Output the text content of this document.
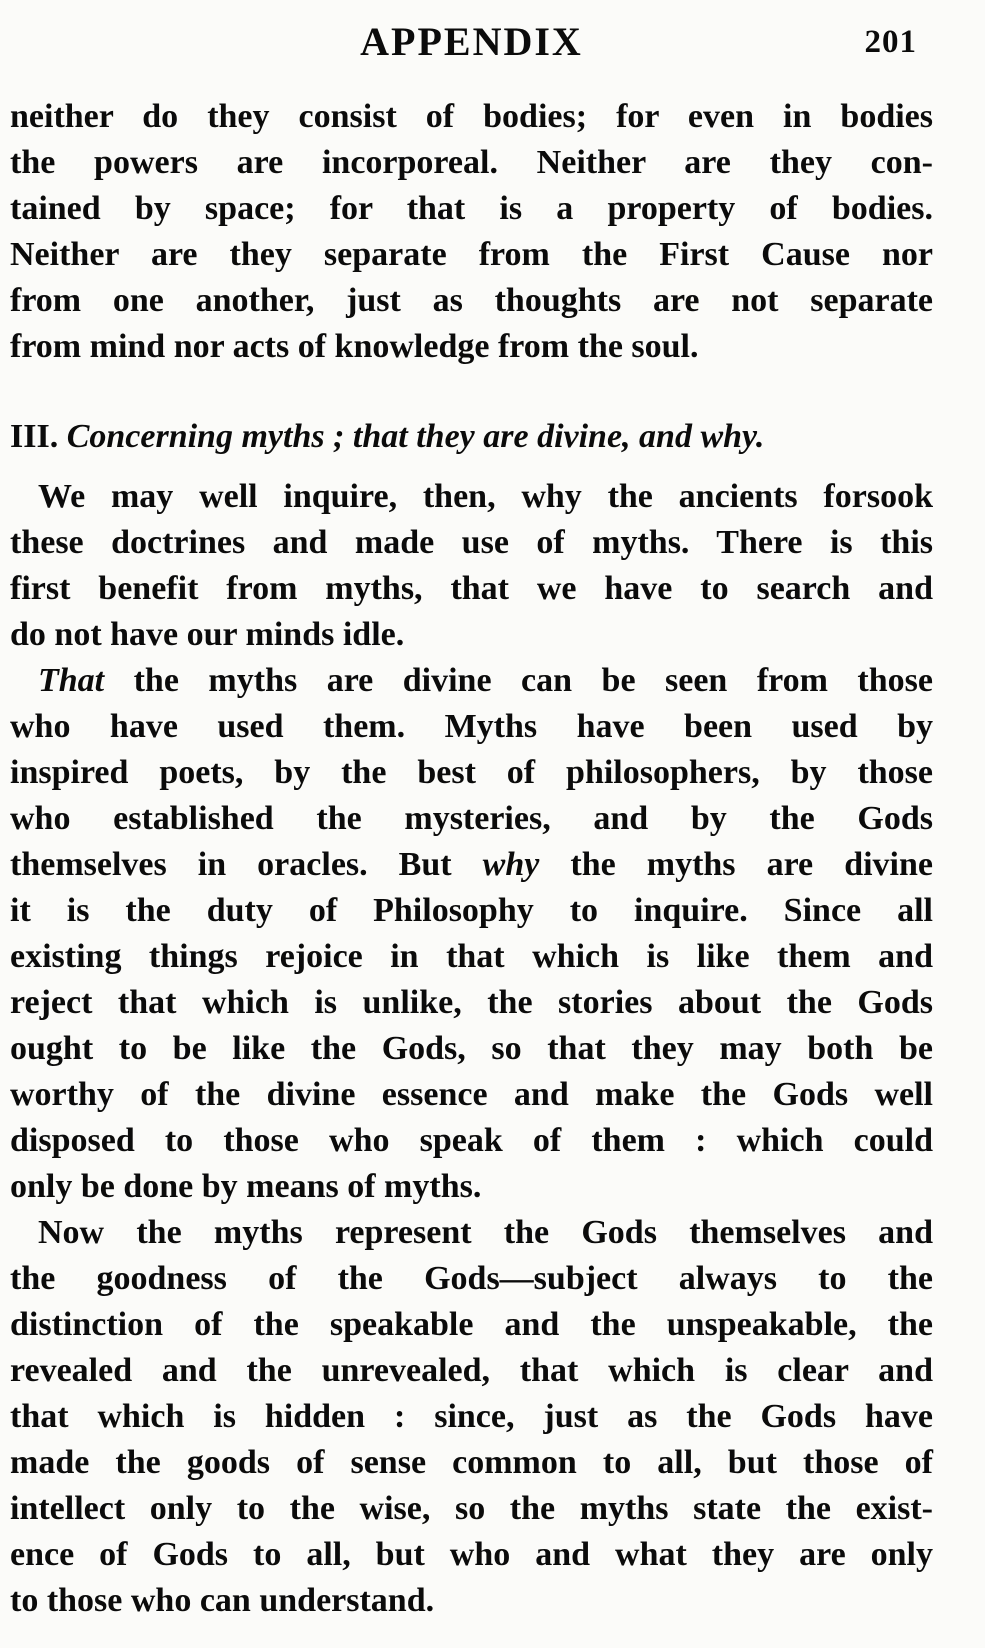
APPENDIX	201
neither do they consist of bodies; for even in bodies
the powers are incorporeal. Neither are they con-
tained by space; for that is a property of bodies.
Neither are they separate from the First Cause nor
from one another, just as thoughts are not separate
from mind nor acts of knowledge from the soul.
III. Concerning myths ; that they are divine, and why.
We may well inquire, then, why the ancients forsook
these doctrines and made use of myths. There is this
first benefit from myths, that we have to search and
do not have our minds idle.
That the myths are divine can be seen from those
who have used them. Myths have been used by
inspired poets, by the best of philosophers, by those
who established the mysteries, and by the Gods
themselves in oracles. But why the myths are divine
it is the duty of Philosophy to inquire. Since all
existing things rejoice in that which is like them and
reject that which is unlike, the stories about the Gods
ought to be like the Gods, so that they may both be
worthy of the divine essence and make the Gods well
disposed to those who speak of them : which could
only be done by means of myths.
Now the myths represent the Gods themselves and
the goodness of the Gods—subject always to the
distinction of the speakable and the unspeakable, the
revealed and the unrevealed, that which is clear and
that which is hidden : since, just as the Gods have
made the goods of sense common to all, but those of
intellect only to the wise, so the myths state the exist-
ence of Gods to all, but who and what they are only
to those who can understand.
